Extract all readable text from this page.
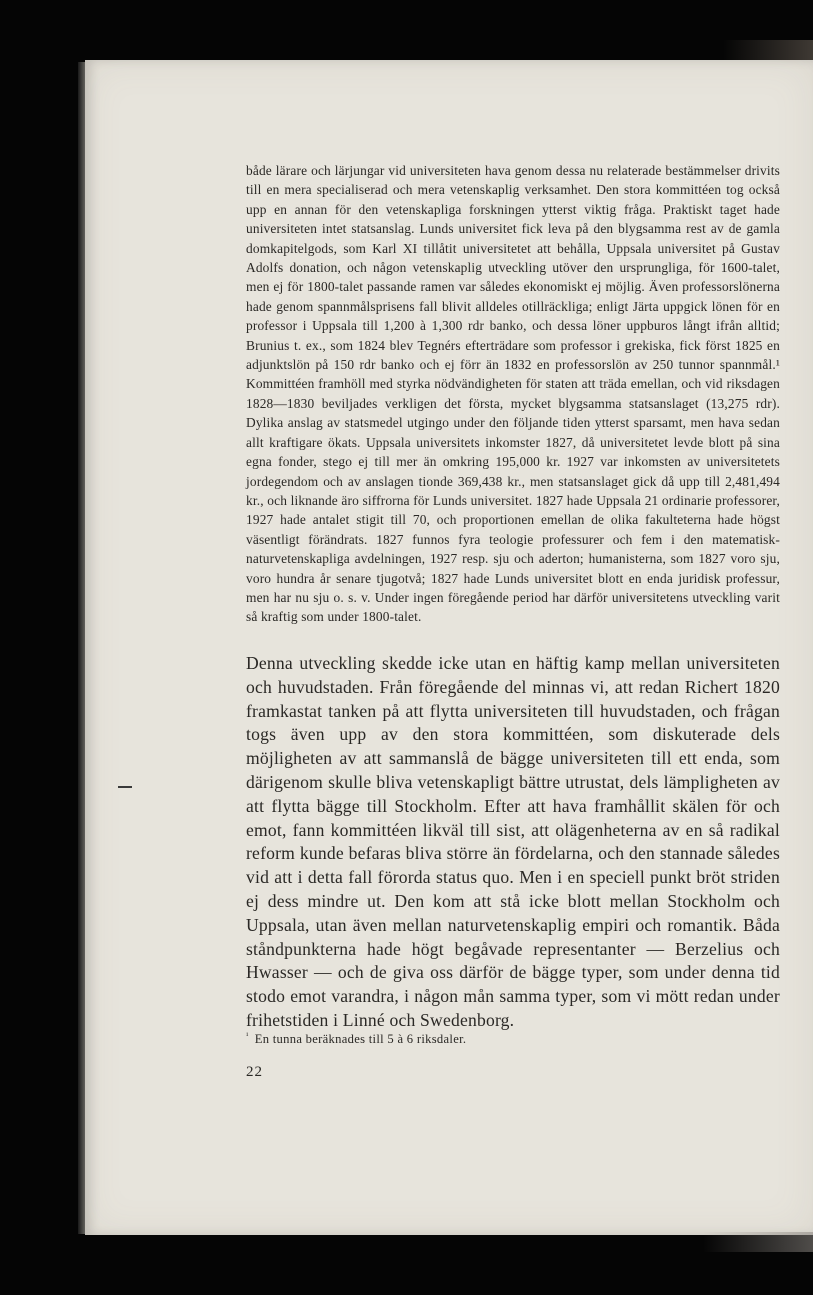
både lärare och lärjungar vid universiteten hava genom dessa nu relaterade bestämmelser drivits till en mera specialiserad och mera vetenskaplig verksamhet. Den stora kommittéen tog också upp en annan för den vetenskapliga forskningen ytterst viktig fråga. Praktiskt taget hade universiteten intet statsanslag. Lunds universitet fick leva på den blygsamma rest av de gamla domkapitelgods, som Karl XI tillåtit universitetet att behålla, Uppsala universitet på Gustav Adolfs donation, och någon vetenskaplig utveckling utöver den ursprungliga, för 1600-talet, men ej för 1800-talet passande ramen var således ekonomiskt ej möjlig. Även professorslönerna hade genom spannmålsprisens fall blivit alldeles otillräckliga; enligt Järta uppgick lönen för en professor i Uppsala till 1,200 à 1,300 rdr banko, och dessa löner uppburos långt ifrån alltid; Brunius t. ex., som 1824 blev Tegnérs efterträdare som professor i grekiska, fick först 1825 en adjunktslön på 150 rdr banko och ej förr än 1832 en professorslön av 250 tunnor spannmål.¹ Kommittéen framhöll med styrka nödvändigheten för staten att träda emellan, och vid riksdagen 1828—1830 beviljades verkligen det första, mycket blygsamma statsanslaget (13,275 rdr). Dylika anslag av statsmedel utgingo under den följande tiden ytterst sparsamt, men hava sedan allt kraftigare ökats. Uppsala universitets inkomster 1827, då universitetet levde blott på sina egna fonder, stego ej till mer än omkring 195,000 kr. 1927 var inkomsten av universitetets jordegendom och av anslagen tionde 369,438 kr., men statsanslaget gick då upp till 2,481,494 kr., och liknande äro siffrorna för Lunds universitet. 1827 hade Uppsala 21 ordinarie professorer, 1927 hade antalet stigit till 70, och proportionen emellan de olika fakulteterna hade högst väsentligt förändrats. 1827 funnos fyra teologie professurer och fem i den matematisk-naturvetenskapliga avdelningen, 1927 resp. sju och aderton; humanisterna, som 1827 voro sju, voro hundra år senare tjugotvå; 1827 hade Lunds universitet blott en enda juridisk professur, men har nu sju o. s. v. Under ingen föregående period har därför universitetens utveckling varit så kraftig som under 1800-talet.
Denna utveckling skedde icke utan en häftig kamp mellan universiteten och huvudstaden. Från föregående del minnas vi, att redan Richert 1820 framkastat tanken på att flytta universiteten till huvudstaden, och frågan togs även upp av den stora kommittéen, som diskuterade dels möjligheten av att sammanslå de bägge universiteten till ett enda, som därigenom skulle bliva vetenskapligt bättre utrustat, dels lämpligheten av att flytta bägge till Stockholm. Efter att hava framhållit skälen för och emot, fann kommittéen likväl till sist, att olägenheterna av en så radikal reform kunde befaras bliva större än fördelarna, och den stannade således vid att i detta fall förorda status quo. Men i en speciell punkt bröt striden ej dess mindre ut. Den kom att stå icke blott mellan Stockholm och Uppsala, utan även mellan naturvetenskaplig empiri och romantik. Båda ståndpunkterna hade högt begåvade representanter — Berzelius och Hwasser — och de giva oss därför de bägge typer, som under denna tid stodo emot varandra, i någon mån samma typer, som vi mött redan under frihetstiden i Linné och Swedenborg.
$^{^1}$ En tunna beräknades till 5 à 6 riksdaler.
22
